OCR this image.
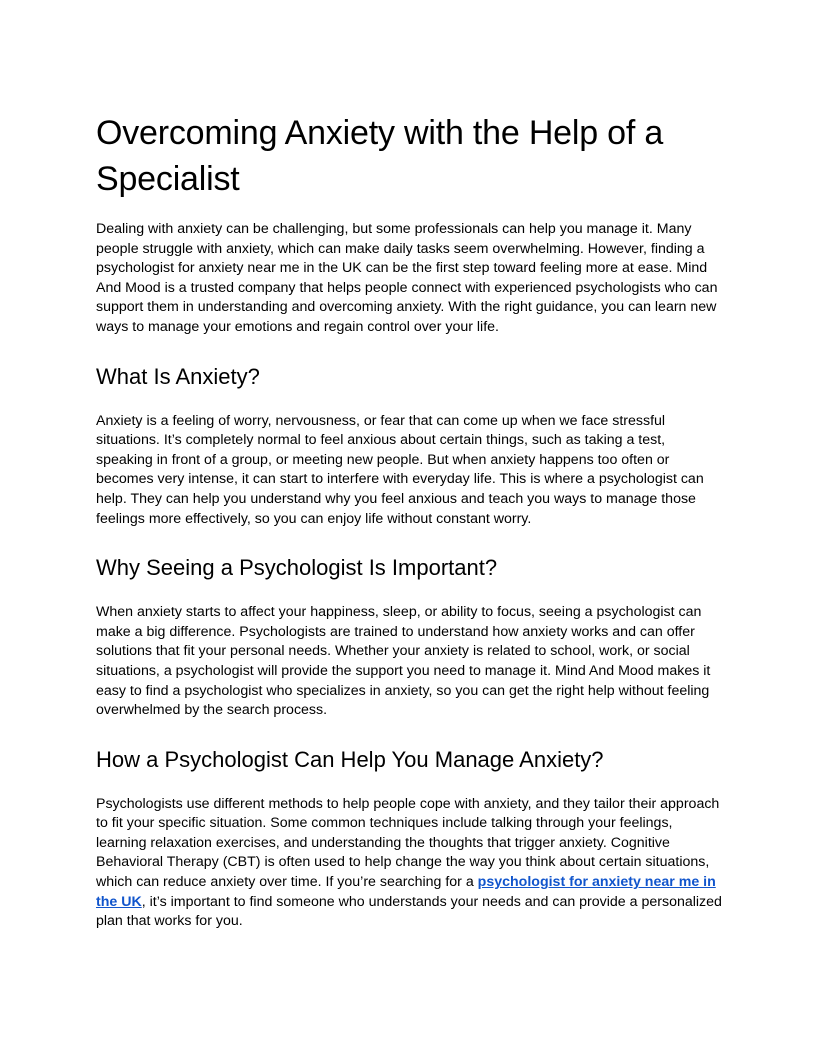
Overcoming Anxiety with the Help of a Specialist

Dealing with anxiety can be challenging, but some professionals can help you manage it. Many people struggle with anxiety, which can make daily tasks seem overwhelming. However, finding a psychologist for anxiety near me in the UK can be the first step toward feeling more at ease. Mind And Mood is a trusted company that helps people connect with experienced psychologists who can support them in understanding and overcoming anxiety. With the right guidance, you can learn new ways to manage your emotions and regain control over your life.

What Is Anxiety?

Anxiety is a feeling of worry, nervousness, or fear that can come up when we face stressful situations. It’s completely normal to feel anxious about certain things, such as taking a test, speaking in front of a group, or meeting new people. But when anxiety happens too often or becomes very intense, it can start to interfere with everyday life. This is where a psychologist can help. They can help you understand why you feel anxious and teach you ways to manage those feelings more effectively, so you can enjoy life without constant worry.

Why Seeing a Psychologist Is Important?

When anxiety starts to affect your happiness, sleep, or ability to focus, seeing a psychologist can make a big difference. Psychologists are trained to understand how anxiety works and can offer solutions that fit your personal needs. Whether your anxiety is related to school, work, or social situations, a psychologist will provide the support you need to manage it. Mind And Mood makes it easy to find a psychologist who specializes in anxiety, so you can get the right help without feeling overwhelmed by the search process.

How a Psychologist Can Help You Manage Anxiety?

Psychologists use different methods to help people cope with anxiety, and they tailor their approach to fit your specific situation. Some common techniques include talking through your feelings, learning relaxation exercises, and understanding the thoughts that trigger anxiety. Cognitive Behavioral Therapy (CBT) is often used to help change the way you think about certain situations, which can reduce anxiety over time. If you’re searching for a psychologist for anxiety near me in the UK, it’s important to find someone who understands your needs and can provide a personalized plan that works for you.
